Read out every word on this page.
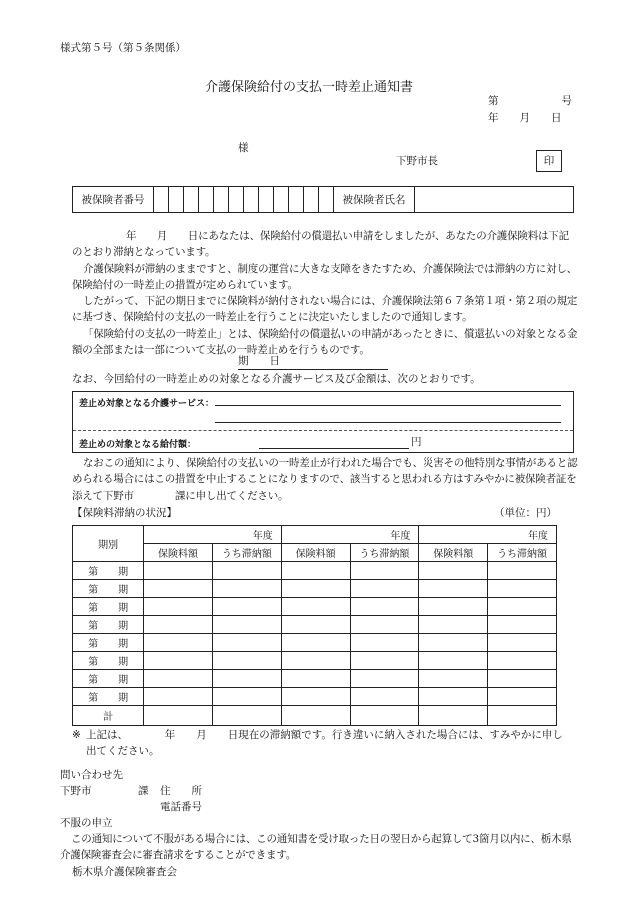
様式第５号（第５条関係）
介護保険給付の支払一時差止通知書
第　　　　　　号
年　　月　　日
様
下野市長	印
被保険者番号	被保険者氏名

年　　月　　日にあなたは、保険給付の償還払い申請をしましたが、あなたの介護保険料は下記のとおり滞納となっています。

介護保険料が滞納のままですと、制度の運営に大きな支障をきたすため、介護保険法では滞納の方に対し、保険給付の一時差止の措置が定められています。

したがって、下記の期日までに保険料が納付されない場合には、介護保険法第６７条第１項・第２項の規定に基づき、保険給付の支払の一時差止を行うことに決定いたしましたので通知します。

「保険給付の支払の一時差止」とは、保険給付の償還払いの申請があったときに、償還払いの対象となる金額の全部または一部について支払の一時差止めを行うものです。

期　　日
なお、今回給付の一時差止めの対象となる介護サービス及び金額は、次のとおりです。
差止め対象となる介護サービス：
差止めの対象となる給付額：	円

なおこの通知により、保険給付の支払いの一時差止が行われた場合でも、災害その他特別な事情があると認められる場合にはこの措置を中止することになりますので、該当すると思われる方はすみやかに被保険者証を添えて下野市　　　　課に申し出てください。

【保険料滞納の状況】	（単位：円）
期別	年度		年度		年度	
	保険料額	うち滞納額	保険料額	うち滞納額	保険料額	うち滞納額
第　　期						
第　　期						
第　　期						
第　　期						
第　　期						
第　　期						
第　　期						
第　　期						
計						
※ 上記は、　　　　年　　月　　日現在の滞納額です。行き違いに納入された場合には、すみやかに申し出てください。
問い合わせ先
下野市	課 住　　所
電話番号
不服の申立

この通知について不服がある場合には、この通知書を受け取った日の翌日から起算して3箇月以内に、栃木県介護保険審査会に審査請求をすることができます。

栃木県介護保険審査会
